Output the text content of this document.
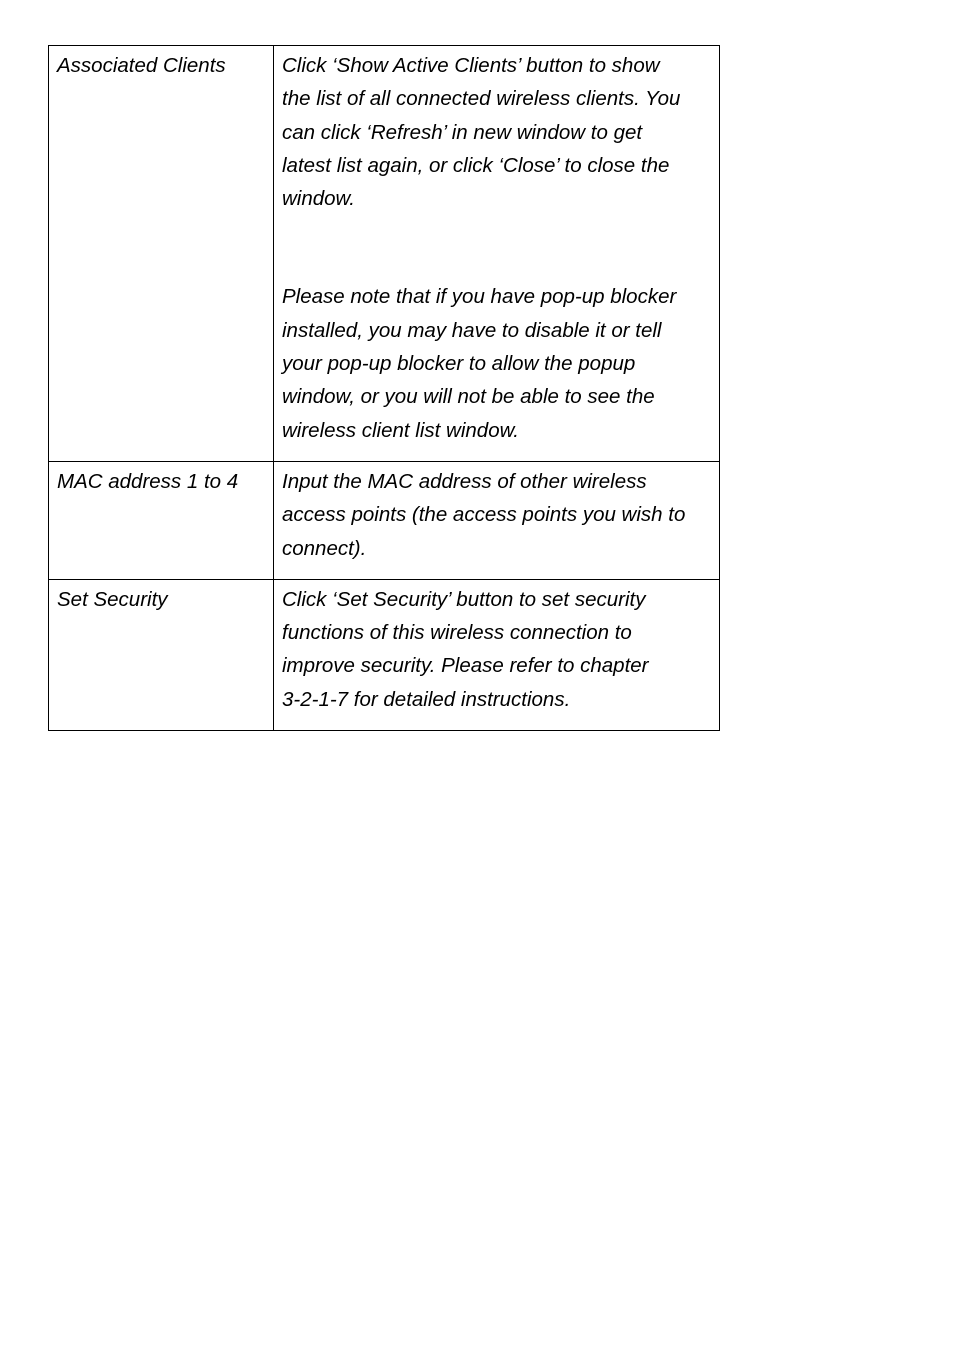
Associated Clients	Click ‘Show Active Clients’ button to show the list of all connected wireless clients. You can click ‘Refresh’ in new window to get latest list again, or click ‘Close’ to close the window.
Please note that if you have pop-up blocker installed, you may have to disable it or tell your pop-up blocker to allow the popup window, or you will not be able to see the wireless client list window.

MAC address 1 to 4	Input the MAC address of other wireless access points (the access points you wish to connect).

Set Security	Click ‘Set Security’ button to set security functions of this wireless connection to improve security. Please refer to chapter 3-2-1-7 for detailed instructions.
